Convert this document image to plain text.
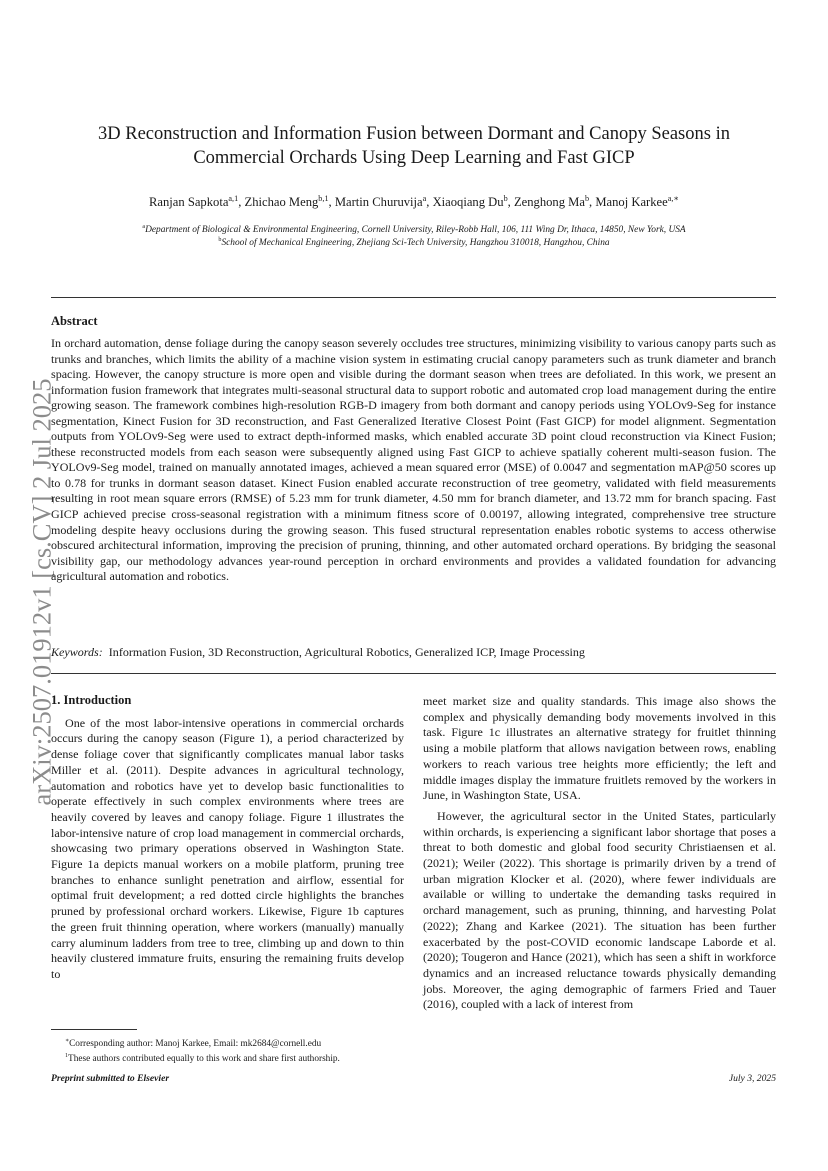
arXiv:2507.01912v1 [cs.CV] 2 Jul 2025
3D Reconstruction and Information Fusion between Dormant and Canopy Seasons in
Commercial Orchards Using Deep Learning and Fast GICP
Ranjan Sapkota$^{a,1}$, Zhichao Meng$^{b,1}$, Martin Churuvija$^a$, Xiaoqiang Du$^b$, Zenghong Ma$^b$, Manoj Karkee$^{a,∗}$
$^a$Department of Biological & Environmental Engineering, Cornell University, Riley-Robb Hall, 106, 111 Wing Dr, Ithaca, 14850, New York, USA
$^b$School of Mechanical Engineering, Zhejiang Sci-Tech University, Hangzhou 310018, Hangzhou, China
Abstract

In orchard automation, dense foliage during the canopy season severely occludes tree structures, minimizing visibility to various canopy parts such as trunks and branches, which limits the ability of a machine vision system in estimating crucial canopy parameters such as trunk diameter and branch spacing. However, the canopy structure is more open and visible during the dormant season when trees are defoliated. In this work, we present an information fusion framework that integrates multi-seasonal structural data to support robotic and automated crop load management during the entire growing season. The framework combines high-resolution RGB-D imagery from both dormant and canopy periods using YOLOv9-Seg for instance segmentation, Kinect Fusion for 3D reconstruction, and Fast Generalized Iterative Closest Point (Fast GICP) for model alignment. Segmentation outputs from YOLOv9-Seg were used to extract depth-informed masks, which enabled accurate 3D point cloud reconstruction via Kinect Fusion; these reconstructed models from each season were subsequently aligned using Fast GICP to achieve spatially coherent multi-season fusion. The YOLOv9-Seg model, trained on manually annotated images, achieved a mean squared error (MSE) of 0.0047 and segmentation mAP@50 scores up to 0.78 for trunks in dormant season dataset. Kinect Fusion enabled accurate reconstruction of tree geometry, validated with field measurements resulting in root mean square errors (RMSE) of 5.23 mm for trunk diameter, 4.50 mm for branch diameter, and 13.72 mm for branch spacing. Fast GICP achieved precise cross-seasonal registration with a minimum fitness score of 0.00197, allowing integrated, comprehensive tree structure modeling despite heavy occlusions during the growing season. This fused structural representation enables robotic systems to access otherwise obscured architectural information, improving the precision of pruning, thinning, and other automated orchard operations. By bridging the seasonal visibility gap, our methodology advances year-round perception in orchard environments and provides a validated foundation for advancing agricultural automation and robotics.

Keywords: Information Fusion, 3D Reconstruction, Agricultural Robotics, Generalized ICP, Image Processing
1. Introduction

One of the most labor-intensive operations in commercial orchards occurs during the canopy season (Figure 1), a period characterized by dense foliage cover that significantly complicates manual labor tasks Miller et al. (2011). Despite advances in agricultural technology, automation and robotics have yet to develop basic functionalities to operate effectively in such complex environments where trees are heavily covered by leaves and canopy foliage. Figure 1 illustrates the labor-intensive nature of crop load management in commercial orchards, showcasing two primary operations observed in Washington State. Figure 1a depicts manual workers on a mobile platform, pruning tree branches to enhance sunlight penetration and airflow, essential for optimal fruit development; a red dotted circle highlights the branches pruned by professional orchard workers. Likewise, Figure 1b captures the green fruit thinning operation, where workers (manually) manually carry aluminum ladders from tree to tree, climbing up and down to thin heavily clustered immature fruits, ensuring the remaining fruits develop to

meet market size and quality standards. This image also shows the complex and physically demanding body movements involved in this task. Figure 1c illustrates an alternative strategy for fruitlet thinning using a mobile platform that allows navigation between rows, enabling workers to reach various tree heights more efficiently; the left and middle images display the immature fruitlets removed by the workers in June, in Washington State, USA.

However, the agricultural sector in the United States, particularly within orchards, is experiencing a significant labor shortage that poses a threat to both domestic and global food security Christiaensen et al. (2021); Weiler (2022). This shortage is primarily driven by a trend of urban migration Klocker et al. (2020), where fewer individuals are available or willing to undertake the demanding tasks required in orchard management, such as pruning, thinning, and harvesting Polat (2022); Zhang and Karkee (2021). The situation has been further exacerbated by the post-COVID economic landscape Laborde et al. (2020); Tougeron and Hance (2021), which has seen a shift in workforce dynamics and an increased reluctance towards physically demanding jobs. Moreover, the aging demographic of farmers Fried and Tauer (2016), coupled with a lack of interest from

∗Corresponding author: Manoj Karkee, Email: mk2684@cornell.edu
$^1$These authors contributed equally to this work and share first authorship.
Preprint submitted to Elsevier	July 3, 2025
